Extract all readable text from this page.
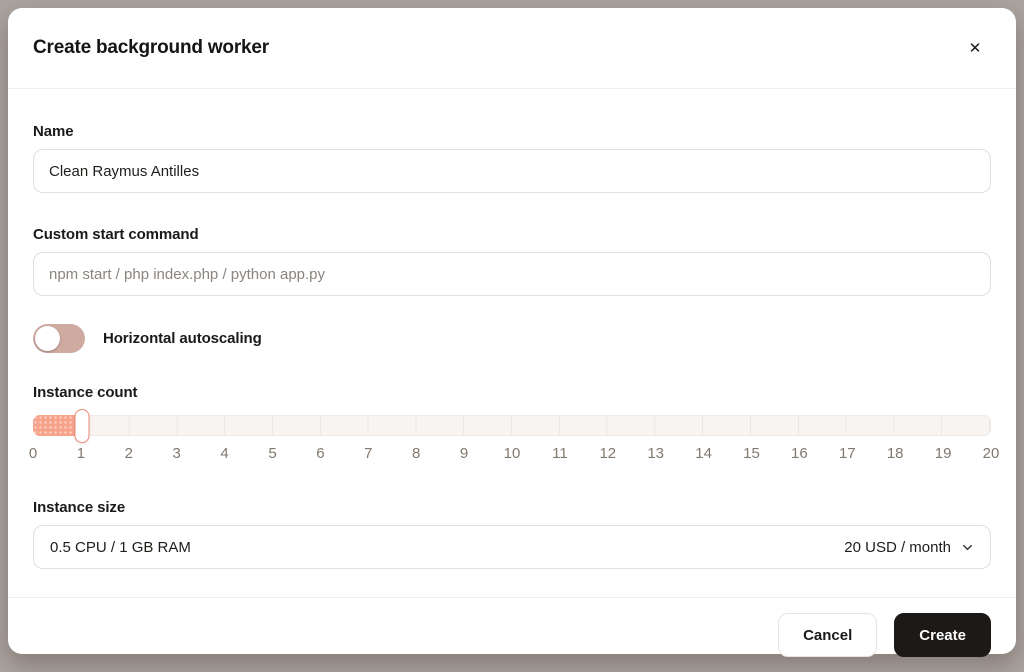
Create background worker	✕
Name
Clean Raymus Antilles
Custom start command
npm start / php index.php / python app.py
Horizontal autoscaling
Instance count
0	1	2	3	4	5	6	7	8	9 10 11 12 13 14 15 16 17 18 19 20
Instance size
0.5 CPU / 1 GB RAM	20 USD / month
Cancel	Create
